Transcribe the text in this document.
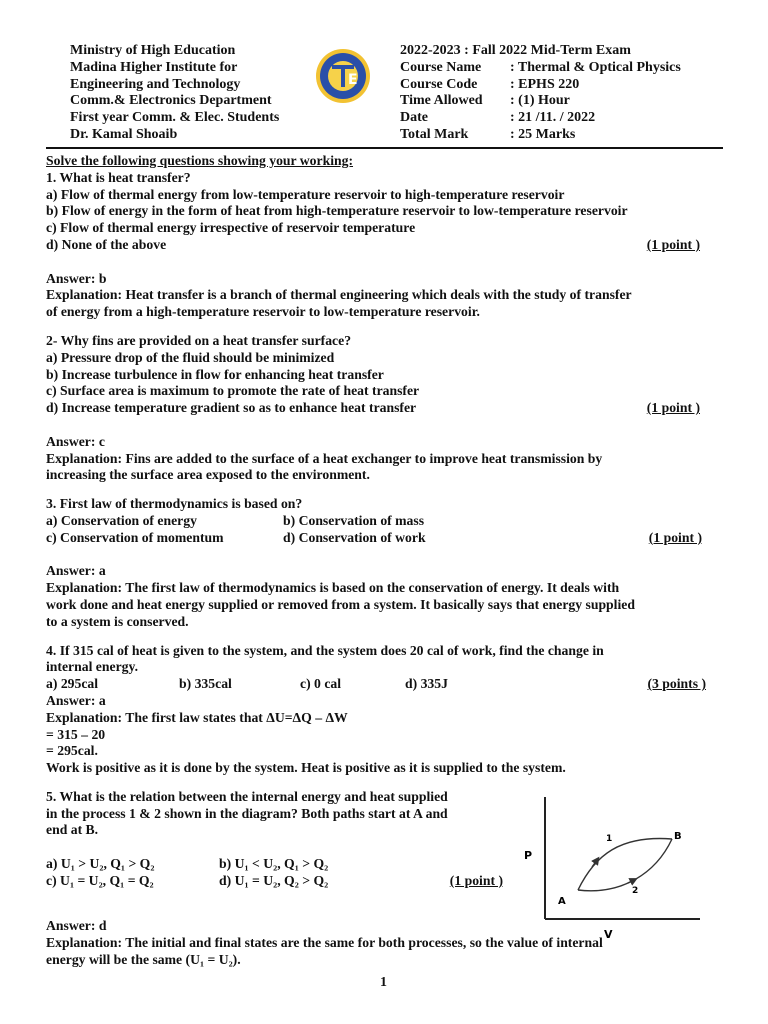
Ministry of High Education
Madina Higher Institute for
Engineering and Technology
Comm.& Electronics Department
First year Comm. & Elec. Students
Dr. Kamal Shoaib
E
2022-2023 : Fall 2022 Mid-Term Exam
Course Name	: Thermal & Optical Physics
Course Code	: EPHS 220
Time Allowed	: (1) Hour
Date	: 21 /11. / 2022
Total Mark	: 25 Marks
Solve the following questions showing your working:
1. What is heat transfer?
a) Flow of thermal energy from low-temperature reservoir to high-temperature reservoir
b) Flow of energy in the form of heat from high-temperature reservoir to low-temperature reservoir
c) Flow of thermal energy irrespective of reservoir temperature
d) None of the above	(1 point )
Answer: b
Explanation: Heat transfer is a branch of thermal engineering which deals with the study of transfer
of energy from a high-temperature reservoir to low-temperature reservoir.
2- Why fins are provided on a heat transfer surface?
a) Pressure drop of the fluid should be minimized
b) Increase turbulence in flow for enhancing heat transfer
c) Surface area is maximum to promote the rate of heat transfer
d) Increase temperature gradient so as to enhance heat transfer	(1 point )
Answer: c
Explanation: Fins are added to the surface of a heat exchanger to improve heat transmission by
increasing the surface area exposed to the environment.
3. First law of thermodynamics is based on?
a) Conservation of energy	b) Conservation of mass
c) Conservation of momentum	d) Conservation of work	(1 point )
Answer: a
Explanation: The first law of thermodynamics is based on the conservation of energy. It deals with
work done and heat energy supplied or removed from a system. It basically says that energy supplied
to a system is conserved.
4. If 315 cal of heat is given to the system, and the system does 20 cal of work, find the change in
internal energy.
a) 295cal	b) 335cal	c) 0 cal	d) 335J	(3 points )
Answer: a
Explanation: The first law states that ΔU=ΔQ – ΔW
= 315 – 20
= 295cal.
Work is positive as it is done by the system. Heat is positive as it is supplied to the system.
5. What is the relation between the internal energy and heat supplied
in the process 1 & 2 shown in the diagram? Both paths start at A and
end at B.
a) U₁ > U₂, Q₁ > Q₂	b) U₁ < U₂, Q₁ > Q₂
c) U₁ = U₂, Q₁ = Q₂	d) U₁ = U₂, Q₂ > Q₂	(1 point )
Answer: d
Explanation: The initial and final states are the same for both processes, so the value of internal
energy will be the same (U₁ = U₂).
P
V
A
B
1
2
1
